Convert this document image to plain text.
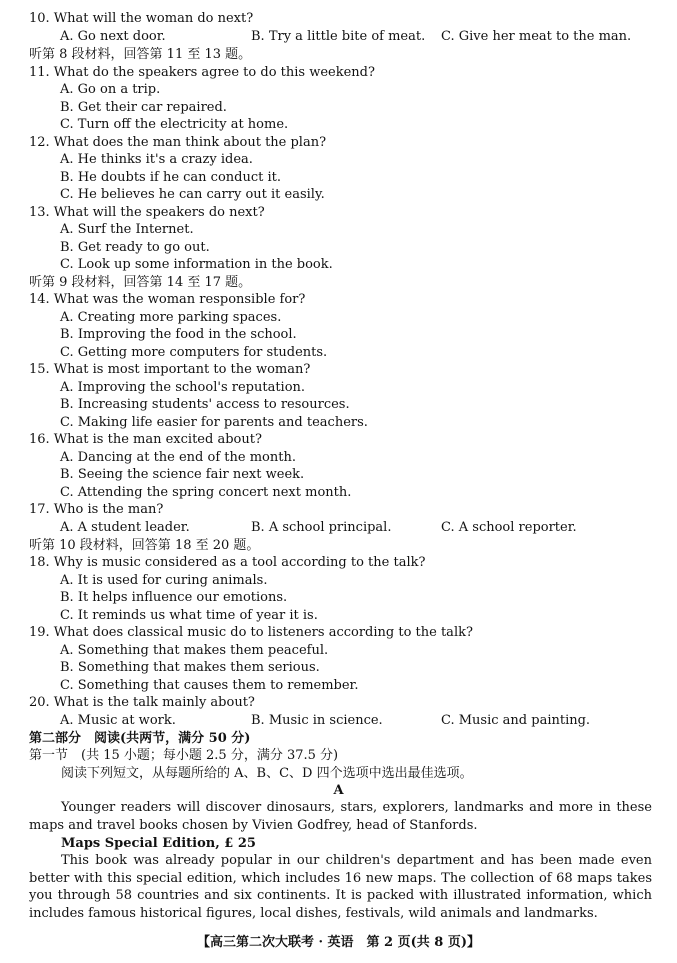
10. What will the woman do next?
A. Go next door.	B. Try a little bite of meat. C. Give her meat to the man.
听第 8 段材料，回答第 11 至 13 题。
11. What do the speakers agree to do this weekend?
A. Go on a trip.
B. Get their car repaired.
C. Turn off the electricity at home.
12. What does the man think about the plan?
A. He thinks it's a crazy idea.
B. He doubts if he can conduct it.
C. He believes he can carry out it easily.
13. What will the speakers do next?
A. Surf the Internet.
B. Get ready to go out.
C. Look up some information in the book.
听第 9 段材料，回答第 14 至 17 题。
14. What was the woman responsible for?
A. Creating more parking spaces.
B. Improving the food in the school.
C. Getting more computers for students.
15. What is most important to the woman?
A. Improving the school's reputation.
B. Increasing students' access to resources.
C. Making life easier for parents and teachers.
16. What is the man excited about?
A. Dancing at the end of the month.
B. Seeing the science fair next week.
C. Attending the spring concert next month.
17. Who is the man?
A. A student leader.	B. A school principal.	C. A school reporter.
听第 10 段材料，回答第 18 至 20 题。
18. Why is music considered as a tool according to the talk?
A. It is used for curing animals.
B. It helps influence our emotions.
C. It reminds us what time of year it is.
19. What does classical music do to listeners according to the talk?
A. Something that makes them peaceful.
B. Something that makes them serious.
C. Something that causes them to remember.
20. What is the talk mainly about?
A. Music at work.	B. Music in science.	C. Music and painting.
第二部分　阅读(共两节，满分 50 分)
第一节　(共 15 小题；每小题 2.5 分，满分 37.5 分)
阅读下列短文，从每题所给的 A、B、C、D 四个选项中选出最佳选项。
A
Younger readers will discover dinosaurs, stars, explorers, landmarks and more in these maps and travel books chosen by Vivien Godfrey, head of Stanfords.
Maps Special Edition, £ 25
This book was already popular in our children's department and has been made even better with this special edition, which includes 16 new maps. The collection of 68 maps takes you through 58 countries and six continents. It is packed with illustrated information, which includes famous historical figures, local dishes, festivals, wild animals and landmarks.
【高三第二次大联考 · 英语　第 2 页(共 8 页)】
